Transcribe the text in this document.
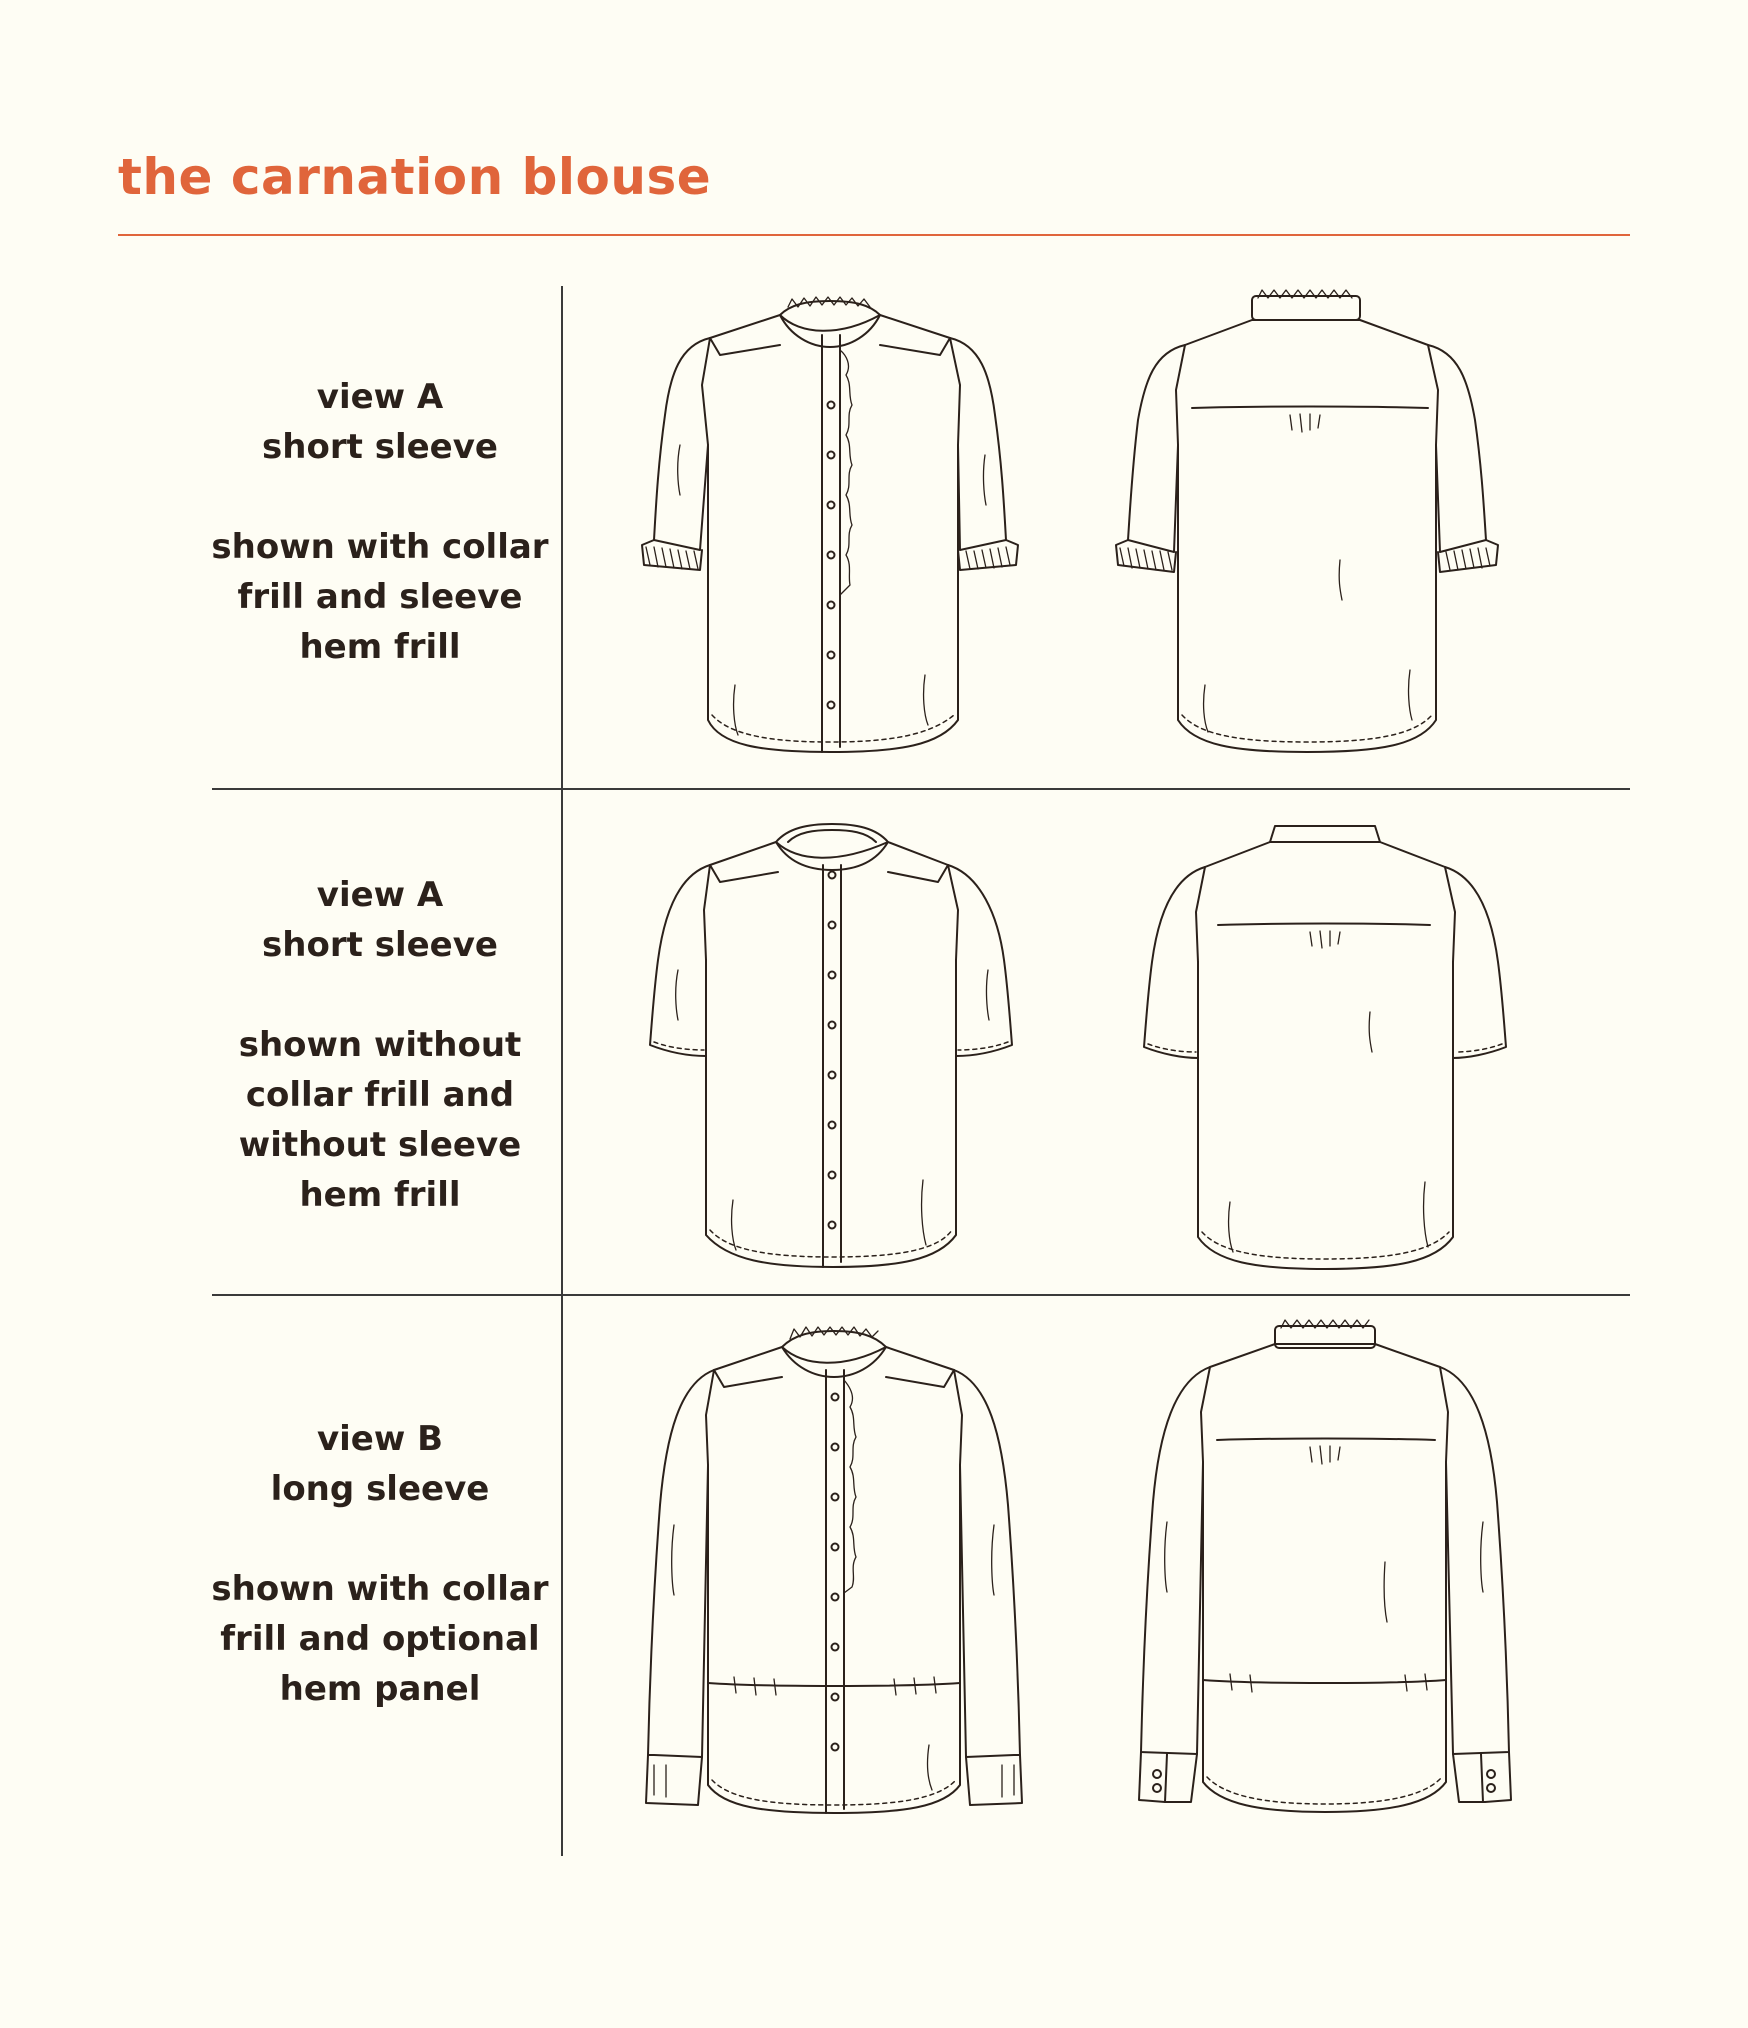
the carnation blouse
view A
short sleeve
shown with collar
frill and sleeve
hem frill
view A
short sleeve
shown without
collar frill and
without sleeve
hem frill
view B
long sleeve
shown with collar
frill and optional
hem panel
